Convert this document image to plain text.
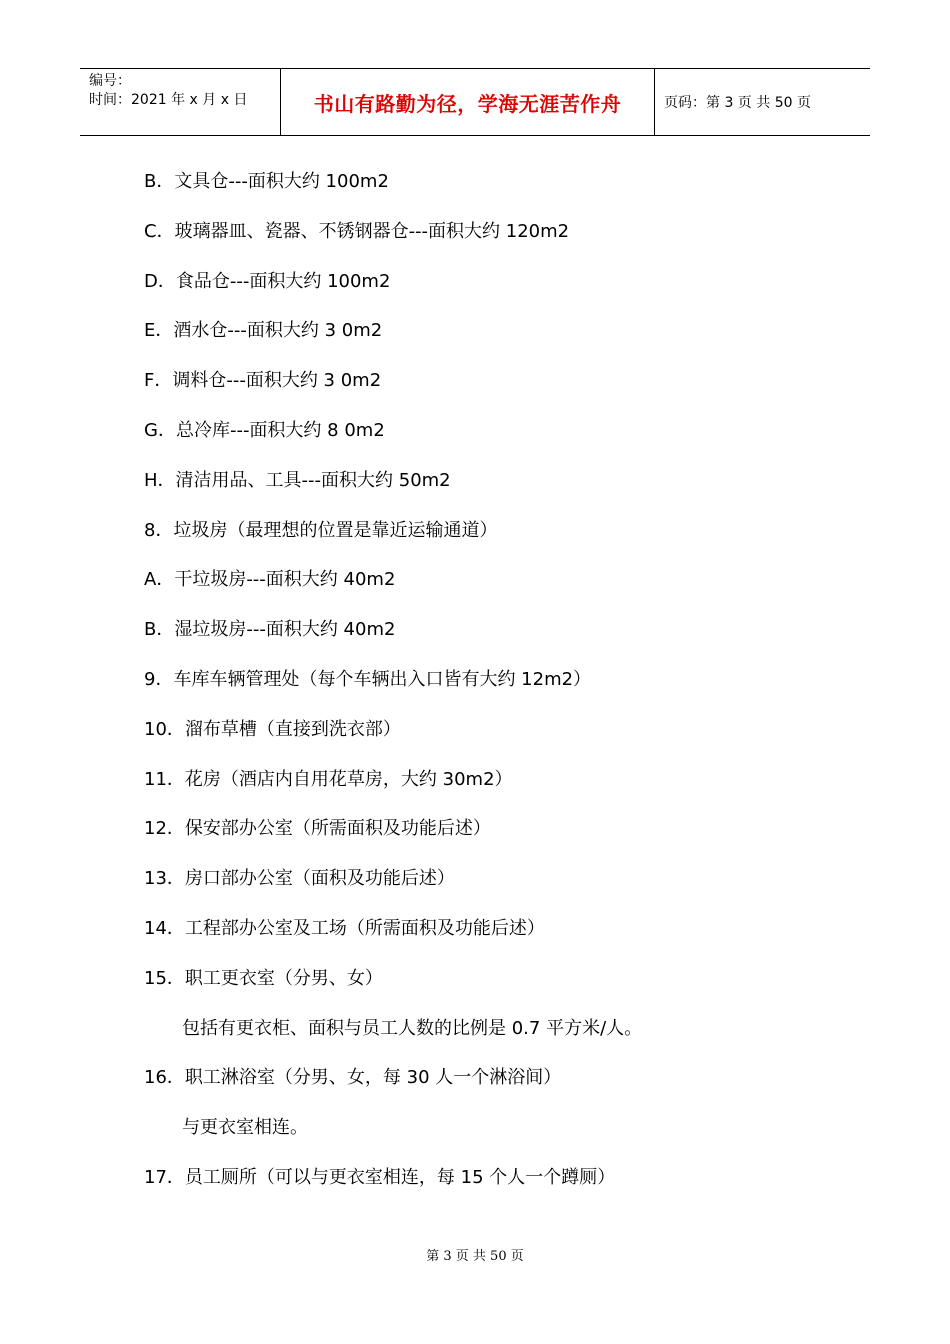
编号：
时间：2021 年 x 月 x 日	书山有路勤为径，学海无涯苦作舟	页码：第 3 页 共 50 页
B．文具仓---面积大约 100m2
C．玻璃器皿、瓷器、不锈钢器仓---面积大约 120m2
D．食品仓---面积大约 100m2
E．酒水仓---面积大约 3 0m2
F．调料仓---面积大约 3 0m2
G．总冷库---面积大约 8 0m2
H．清洁用品、工具---面积大约 50m2
8．垃圾房（最理想的位置是靠近运输通道）
A．干垃圾房---面积大约 40m2
B．湿垃圾房---面积大约 40m2
9．车库车辆管理处（每个车辆出入口皆有大约 12m2）
10．溜布草槽（直接到洗衣部）
11．花房（酒店内自用花草房，大约 30m2）
12．保安部办公室（所需面积及功能后述）
13．房口部办公室（面积及功能后述）
14．工程部办公室及工场（所需面积及功能后述）
15．职工更衣室（分男、女）
包括有更衣柜、面积与员工人数的比例是 0.7 平方米/人。
16．职工淋浴室（分男、女，每 30 人一个淋浴间）
与更衣室相连。
17．员工厕所（可以与更衣室相连，每 15 个人一个蹲厕）
第 3 页 共 50 页
